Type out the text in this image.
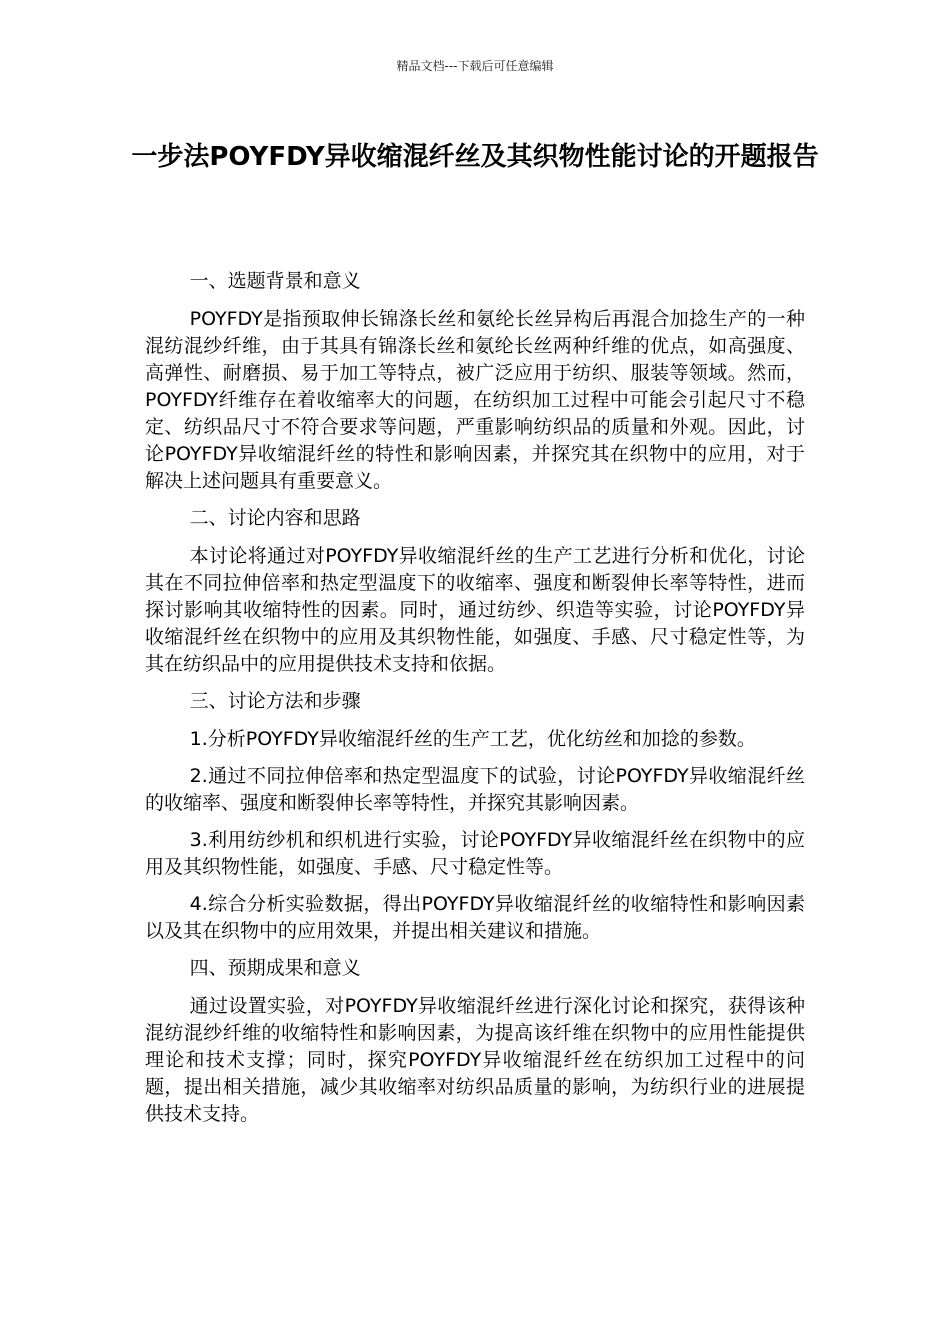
精品文档---下载后可任意编辑
一步法POYFDY异收缩混纤丝及其织物性能讨论的开题报告

一、选题背景和意义

POYFDY是指预取伸长锦涤长丝和氨纶长丝异构后再混合加捻生产的一种混纺混纱纤维，由于其具有锦涤长丝和氨纶长丝两种纤维的优点，如高强度、高弹性、耐磨损、易于加工等特点，被广泛应用于纺织、服装等领域。然而，POYFDY纤维存在着收缩率大的问题，在纺织加工过程中可能会引起尺寸不稳定、纺织品尺寸不符合要求等问题，严重影响纺织品的质量和外观。因此，讨论POYFDY异收缩混纤丝的特性和影响因素，并探究其在织物中的应用，对于解决上述问题具有重要意义。

二、讨论内容和思路

本讨论将通过对POYFDY异收缩混纤丝的生产工艺进行分析和优化，讨论其在不同拉伸倍率和热定型温度下的收缩率、强度和断裂伸长率等特性，进而探讨影响其收缩特性的因素。同时，通过纺纱、织造等实验，讨论POYFDY异收缩混纤丝在织物中的应用及其织物性能，如强度、手感、尺寸稳定性等，为其在纺织品中的应用提供技术支持和依据。

三、讨论方法和步骤

1.分析POYFDY异收缩混纤丝的生产工艺，优化纺丝和加捻的参数。

2.通过不同拉伸倍率和热定型温度下的试验，讨论POYFDY异收缩混纤丝的收缩率、强度和断裂伸长率等特性，并探究其影响因素。

3.利用纺纱机和织机进行实验，讨论POYFDY异收缩混纤丝在织物中的应用及其织物性能，如强度、手感、尺寸稳定性等。

4.综合分析实验数据，得出POYFDY异收缩混纤丝的收缩特性和影响因素以及其在织物中的应用效果，并提出相关建议和措施。

四、预期成果和意义

通过设置实验，对POYFDY异收缩混纤丝进行深化讨论和探究，获得该种混纺混纱纤维的收缩特性和影响因素，为提高该纤维在织物中的应用性能提供理论和技术支撑；同时，探究POYFDY异收缩混纤丝在纺织加工过程中的问题，提出相关措施，减少其收缩率对纺织品质量的影响，为纺织行业的进展提供技术支持。
